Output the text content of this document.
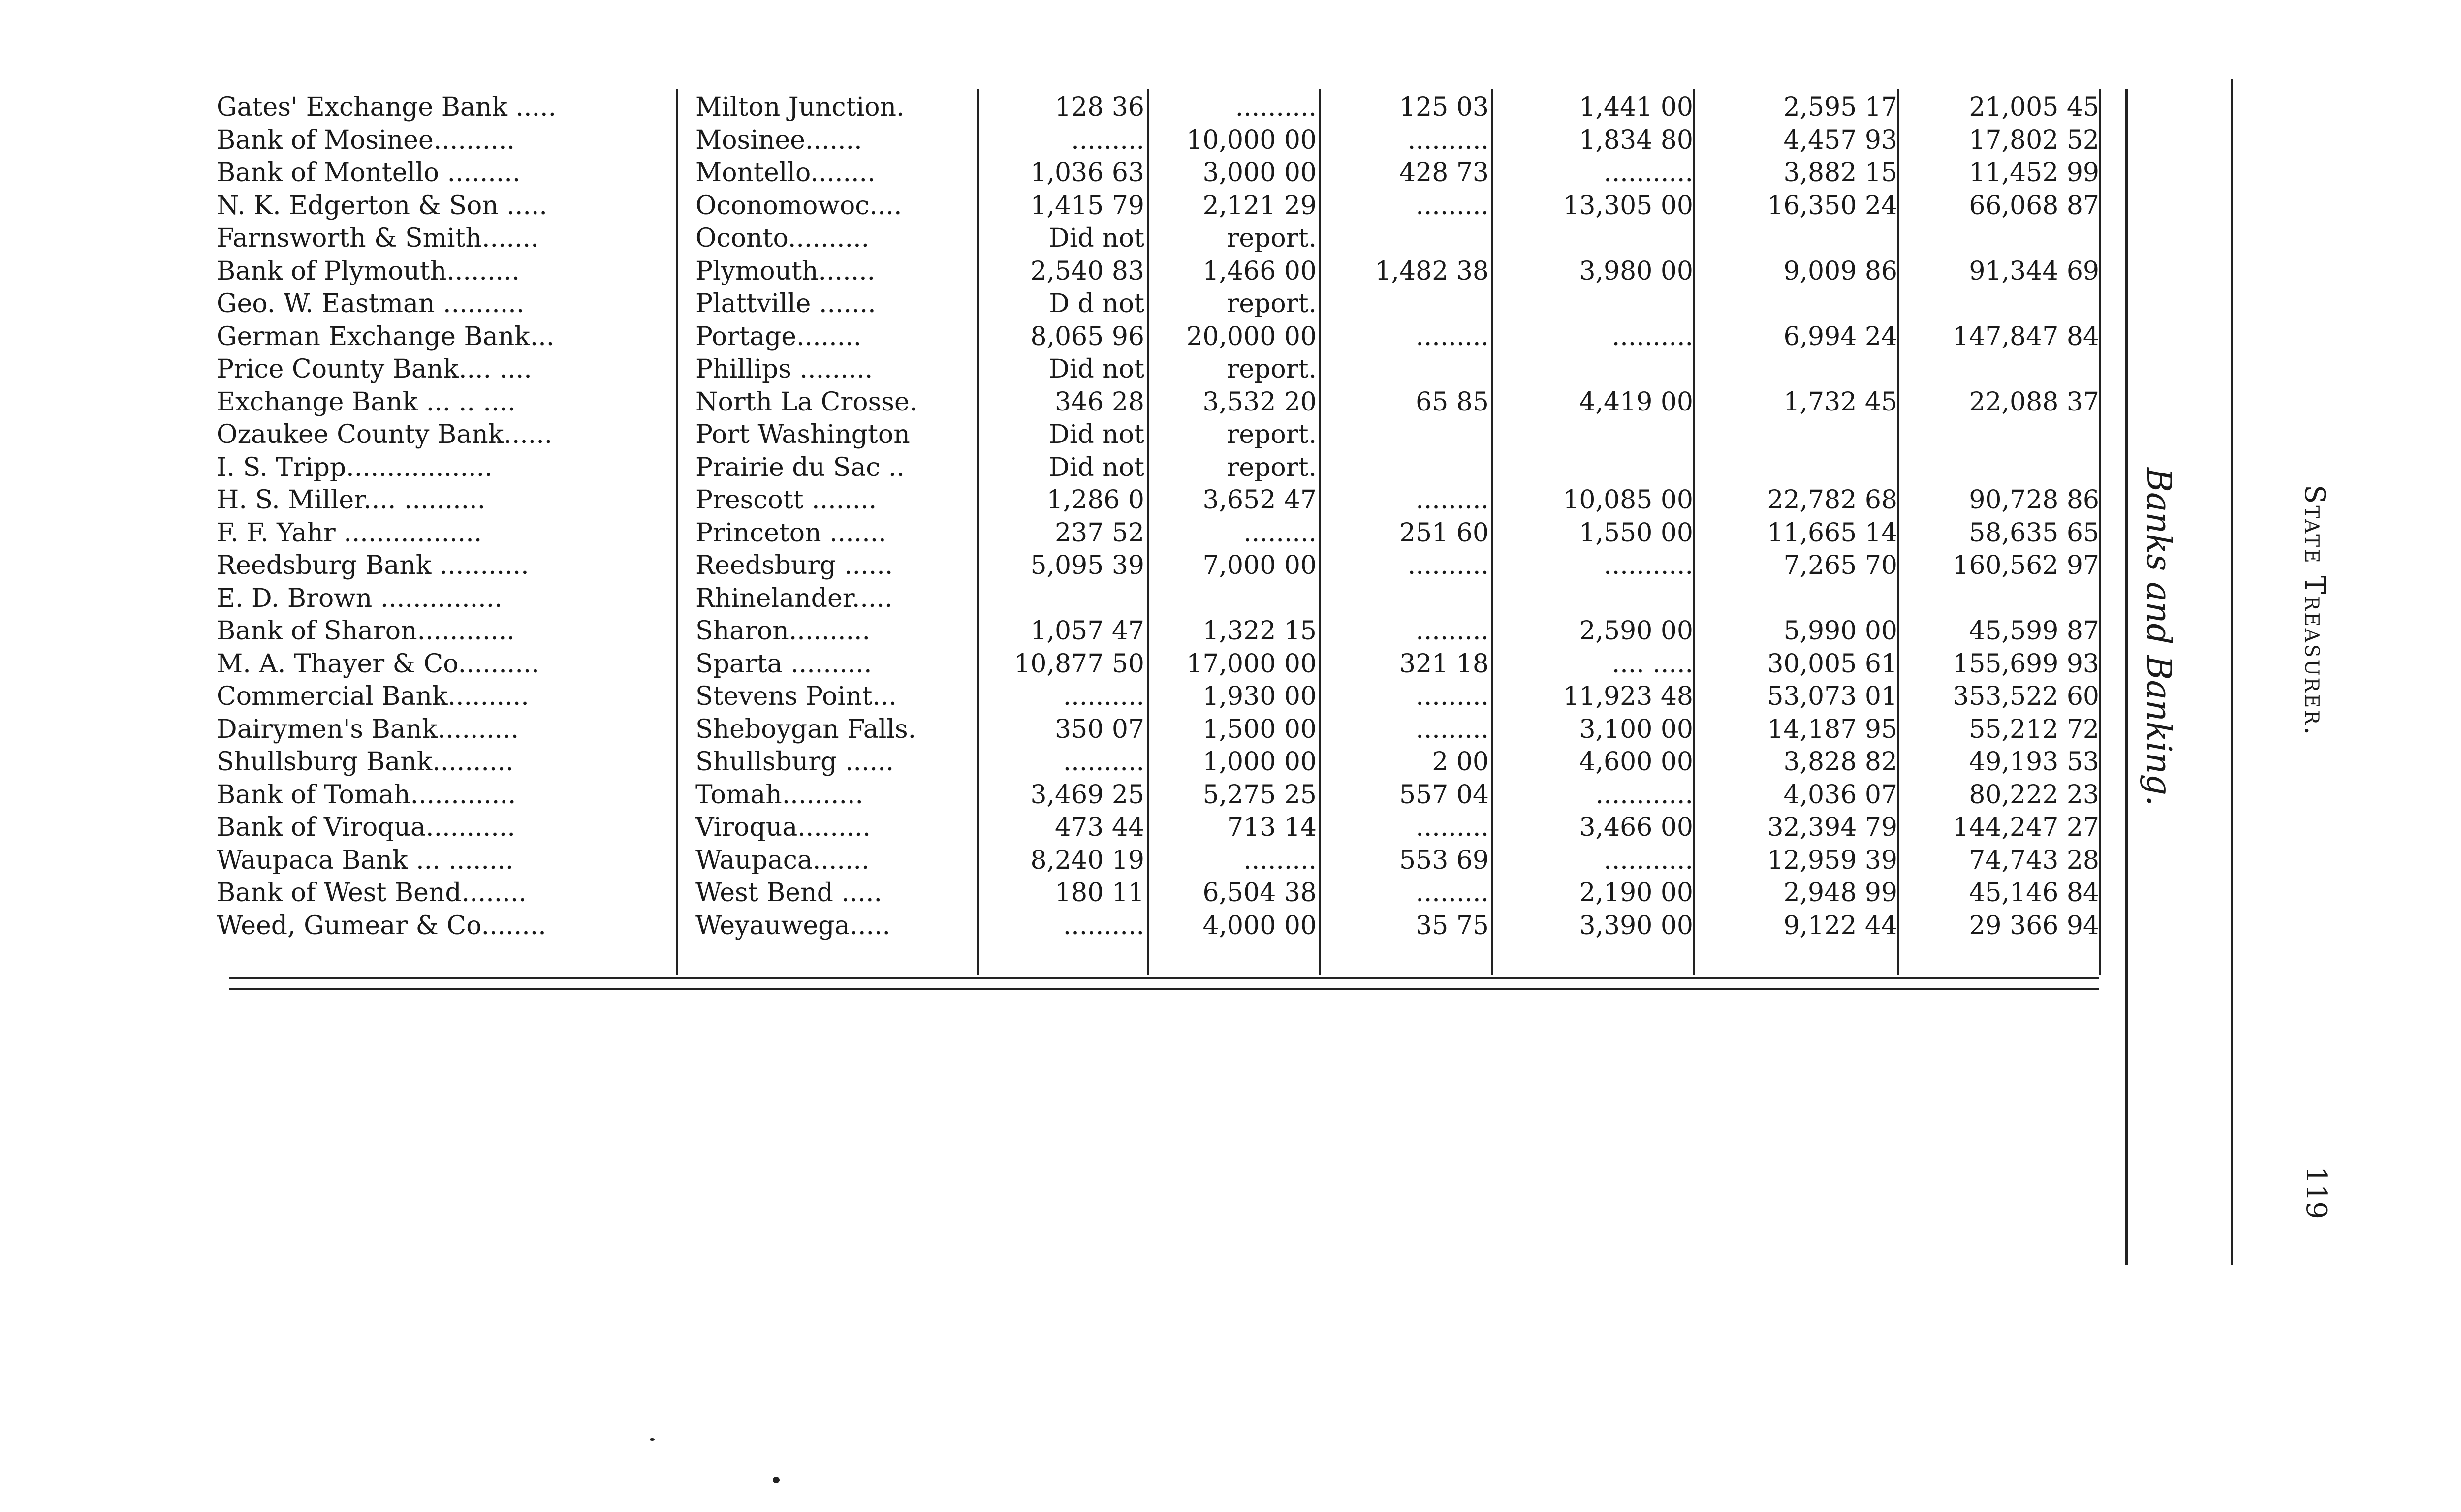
Banks and Banking.	State Treasurer.
119
Gates' Exchange Bank .....	Milton Junction.	128 36	..........	125 03	1,441 00	2,595 17	21,005 45
Bank of Mosinee..........	Mosinee.......	.........	10,000 00	..........	1,834 80	4,457 93	17,802 52
Bank of Montello .........	Montello........	1,036 63	3,000 00	428 73	...........	3,882 15	11,452 99
N. K. Edgerton & Son .....	Oconomowoc....	1,415 79	2,121 29	.........	13,305 00	16,350 24	66,068 87
Farnsworth & Smith.......	Oconto..........	Did not	report.
Bank of Plymouth.........	Plymouth.......	2,540 83	1,466 00	1,482 38	3,980 00	9,009 86	91,344 69
Geo. W. Eastman ..........	Plattville .......	D d not	report.
German Exchange Bank...	Portage........	8,065 96	20,000 00	.........	..........	6,994 24	147,847 84
Price County Bank.... ....	Phillips .........	Did not	report.
Exchange Bank ... .. ....	North La Crosse.	346 28	3,532 20	65 85	4,419 00	1,732 45	22,088 37
Ozaukee County Bank......	Port Washington	Did not	report.
I. S. Tripp..................	Prairie du Sac ..	Did not	report.
H. S. Miller.... ..........	Prescott ........	1,286 0	3,652 47	.........	10,085 00	22,782 68	90,728 86
F. F. Yahr .................	Princeton .......	237 52	.........	251 60	1,550 00	11,665 14	58,635 65
Reedsburg Bank ...........	Reedsburg ......	5,095 39	7,000 00	..........	...........	7,265 70	160,562 97
E. D. Brown ...............	Rhinelander.....
Bank of Sharon............	Sharon..........	1,057 47	1,322 15	.........	2,590 00	5,990 00	45,599 87
M. A. Thayer & Co..........	Sparta ..........	10,877 50	17,000 00	321 18	.... .....	30,005 61	155,699 93
Commercial Bank..........	Stevens Point...	..........	1,930 00	.........	11,923 48	53,073 01	353,522 60
Dairymen's Bank..........	Sheboygan Falls.	350 07	1,500 00	.........	3,100 00	14,187 95	55,212 72
Shullsburg Bank..........	Shullsburg ......	..........	1,000 00	2 00	4,600 00	3,828 82	49,193 53
Bank of Tomah.............	Tomah..........	3,469 25	5,275 25	557 04	............	4,036 07	80,222 23
Bank of Viroqua...........	Viroqua.........	473 44	713 14	.........	3,466 00	32,394 79	144,247 27
Waupaca Bank ... ........	Waupaca.......	8,240 19	.........	553 69	...........	12,959 39	74,743 28
Bank of West Bend........	West Bend .....	180 11	6,504 38	.........	2,190 00	2,948 99	45,146 84
Weed, Gumear & Co........	Weyauwega.....	..........	4,000 00	35 75	3,390 00	9,122 44	29 366 94
